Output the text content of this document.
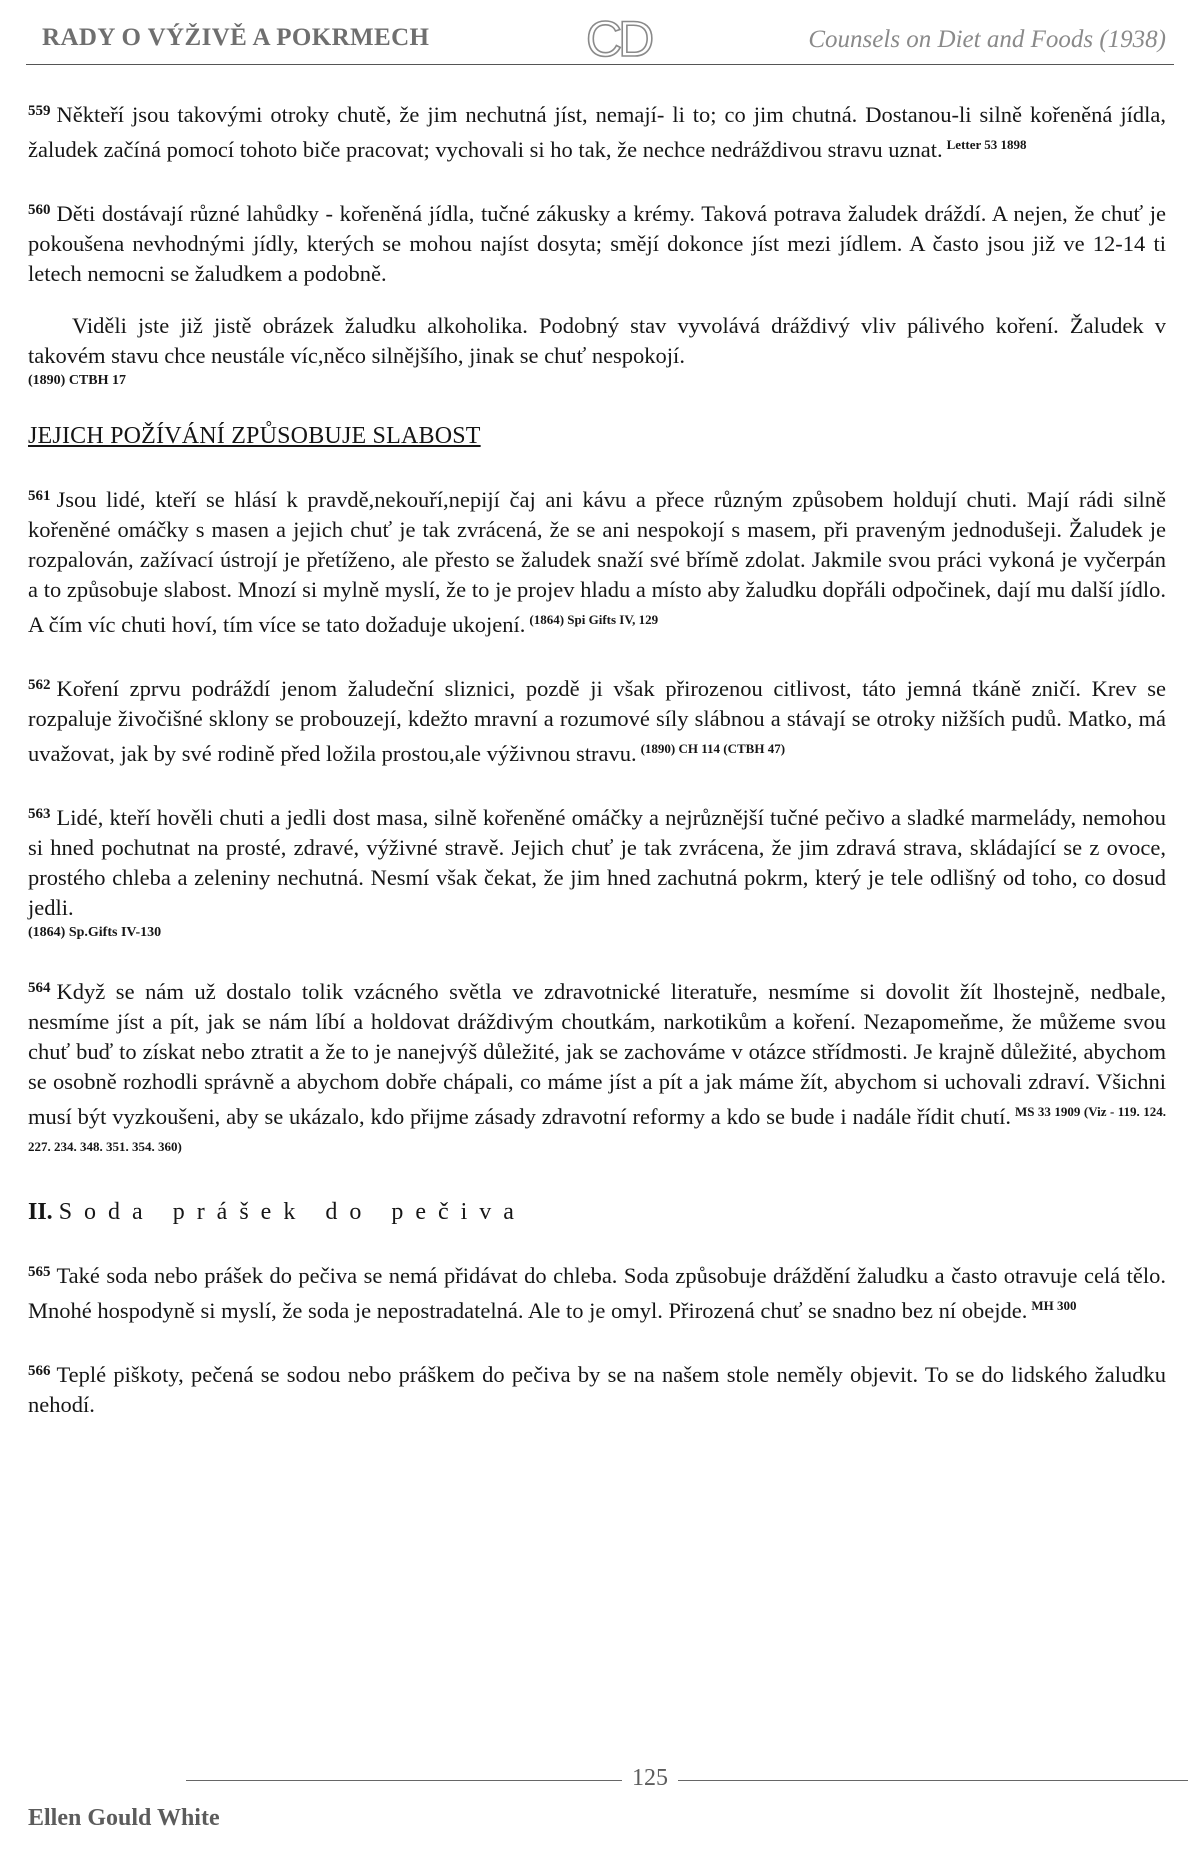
RADY O VÝŽIVĚ A POKRMECH	CD	Counsels on Diet and Foods (1938)

$^{559}$ Někteří jsou takovými otroky chutě, že jim nechutná jíst, nemají- li to; co jim chutná. Dostanou-li silně kořeněná jídla, žaludek začíná pomocí tohoto biče pracovat; vychovali si ho tak, že nechce nedráždivou stravu uznat. $^{Letter 53 1898}$

$^{560}$ Děti dostávají různé lahůdky - kořeněná jídla, tučné zákusky a krémy. Taková potrava žaludek dráždí. A nejen, že chuť je pokoušena nevhodnými jídly, kterých se mohou najíst dosyta; smějí dokonce jíst mezi jídlem. A často jsou již ve 12-14 ti letech nemocni se žaludkem a podobně.

Viděli jste již jistě obrázek žaludku alkoholika. Podobný stav vyvolává dráždivý vliv pálivého koření. Žaludek v takovém stavu chce neustále víc,něco silnějšího, jinak se chuť nespokojí.

(1890) CTBH 17
JEJICH POŽÍVÁNÍ ZPŮSOBUJE SLABOST

$^{561}$ Jsou lidé, kteří se hlásí k pravdě,nekouří,nepijí čaj ani kávu a přece různým způsobem holdují chuti. Mají rádi silně kořeněné omáčky s masen a jejich chuť je tak zvrácená, že se ani nespokojí s masem, při praveným jednodušeji. Žaludek je rozpalován, zažívací ústrojí je přetíženo, ale přesto se žaludek snaží své břímě zdolat. Jakmile svou práci vykoná je vyčerpán a to způsobuje slabost. Mnozí si mylně myslí, že to je projev hladu a místo aby žaludku dopřáli odpočinek, dají mu další jídlo. A čím víc chuti hoví, tím více se tato dožaduje ukojení. $^{(1864) Spi Gifts IV, 129}$

$^{562}$ Koření zprvu podráždí jenom žaludeční sliznici, pozdě ji však přirozenou citlivost, táto jemná tkáně zničí. Krev se rozpaluje živočišné sklony se probouzejí, kdežto mravní a rozumové síly slábnou a stávají se otroky nižších pudů. Matko, má uvažovat, jak by své rodině před ložila prostou,ale výživnou stravu. $^{(1890) CH 114 (CTBH 47)}$

$^{563}$ Lidé, kteří hověli chuti a jedli dost masa, silně kořeněné omáčky a nejrůznější tučné pečivo a sladké marmelády, nemohou si hned pochutnat na prosté, zdravé, výživné stravě. Jejich chuť je tak zvrácena, že jim zdravá strava, skládající se z ovoce, prostého chleba a zeleniny nechutná. Nesmí však čekat, že jim hned zachutná pokrm, který je tele odlišný od toho, co dosud jedli.

(1864) Sp.Gifts IV-130

$^{564}$ Když se nám už dostalo tolik vzácného světla ve zdravotnické literatuře, nesmíme si dovolit žít lhostejně, nedbale, nesmíme jíst a pít, jak se nám líbí a holdovat dráždivým choutkám, narkotikům a koření. Nezapomeňme, že můžeme svou chuť buď to získat nebo ztratit a že to je nanejvýš důležité, jak se zachováme v otázce střídmosti. Je krajně důležité, abychom se osobně rozhodli správně a abychom dobře chápali, co máme jíst a pít a jak máme žít, abychom si uchovali zdraví. Všichni musí být vyzkoušeni, aby se ukázalo, kdo přijme zásady zdravotní reformy a kdo se bude i nadále řídit chutí. $^{MS 33 1909 (Viz - 119. 124. 227. 234. 348. 351. 354. 360)}$

II. Soda prášek do pečiva

$^{565}$ Také soda nebo prášek do pečiva se nemá přidávat do chleba. Soda způsobuje dráždění žaludku a často otravuje celá tělo. Mnohé hospodyně si myslí, že soda je nepostradatelná. Ale to je omyl. Přirozená chuť se snadno bez ní obejde. $^{MH 300}$

$^{566}$ Teplé piškoty, pečená se sodou nebo práškem do pečiva by se na našem stole neměly objevit. To se do lidského žaludku nehodí.

125
Ellen Gould White
